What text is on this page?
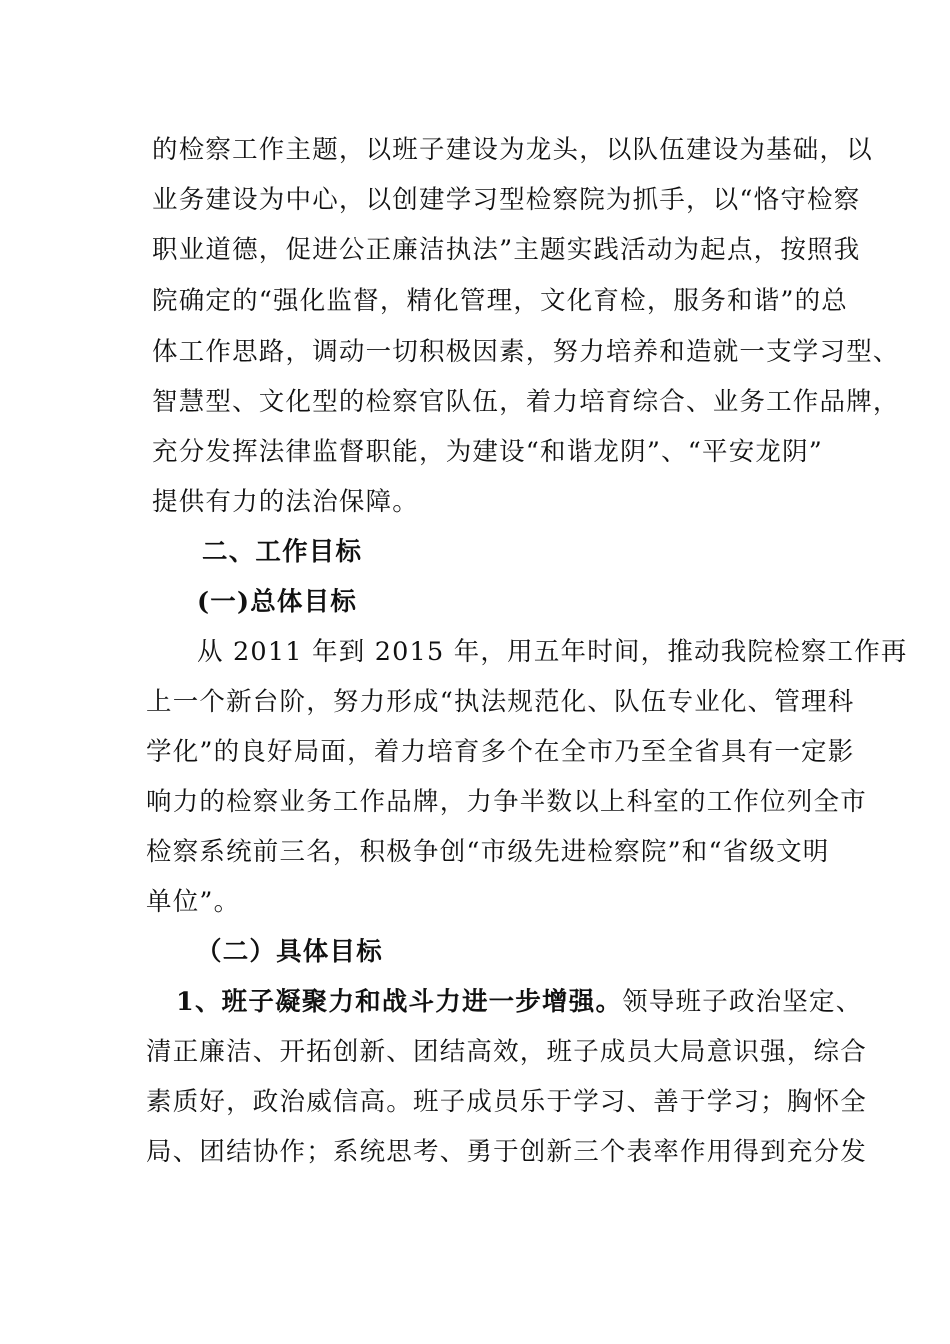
的检察工作主题，以班子建设为龙头，以队伍建设为基础，以
业务建设为中心，以创建学习型检察院为抓手，以“恪守检察
职业道德，促进公正廉洁执法”主题实践活动为起点，按照我
院确定的“强化监督，精化管理，文化育检，服务和谐”的总
体工作思路，调动一切积极因素，努力培养和造就一支学习型、
智慧型、文化型的检察官队伍，着力培育综合、业务工作品牌，
充分发挥法律监督职能，为建设“和谐龙阴”、“平安龙阴”
提供有力的法治保障。
二、工作目标
(一)总体目标
从 2011 年到 2015 年，用五年时间，推动我院检察工作再
上一个新台阶，努力形成“执法规范化、队伍专业化、管理科
学化”的良好局面，着力培育多个在全市乃至全省具有一定影
响力的检察业务工作品牌，力争半数以上科室的工作位列全市
检察系统前三名，积极争创“市级先进检察院”和“省级文明
单位”。
（二）具体目标
1、班子凝聚力和战斗力进一步增强。领导班子政治坚定、
清正廉洁、开拓创新、团结高效，班子成员大局意识强，综合
素质好，政治威信高。班子成员乐于学习、善于学习；胸怀全
局、团结协作；系统思考、勇于创新三个表率作用得到充分发
